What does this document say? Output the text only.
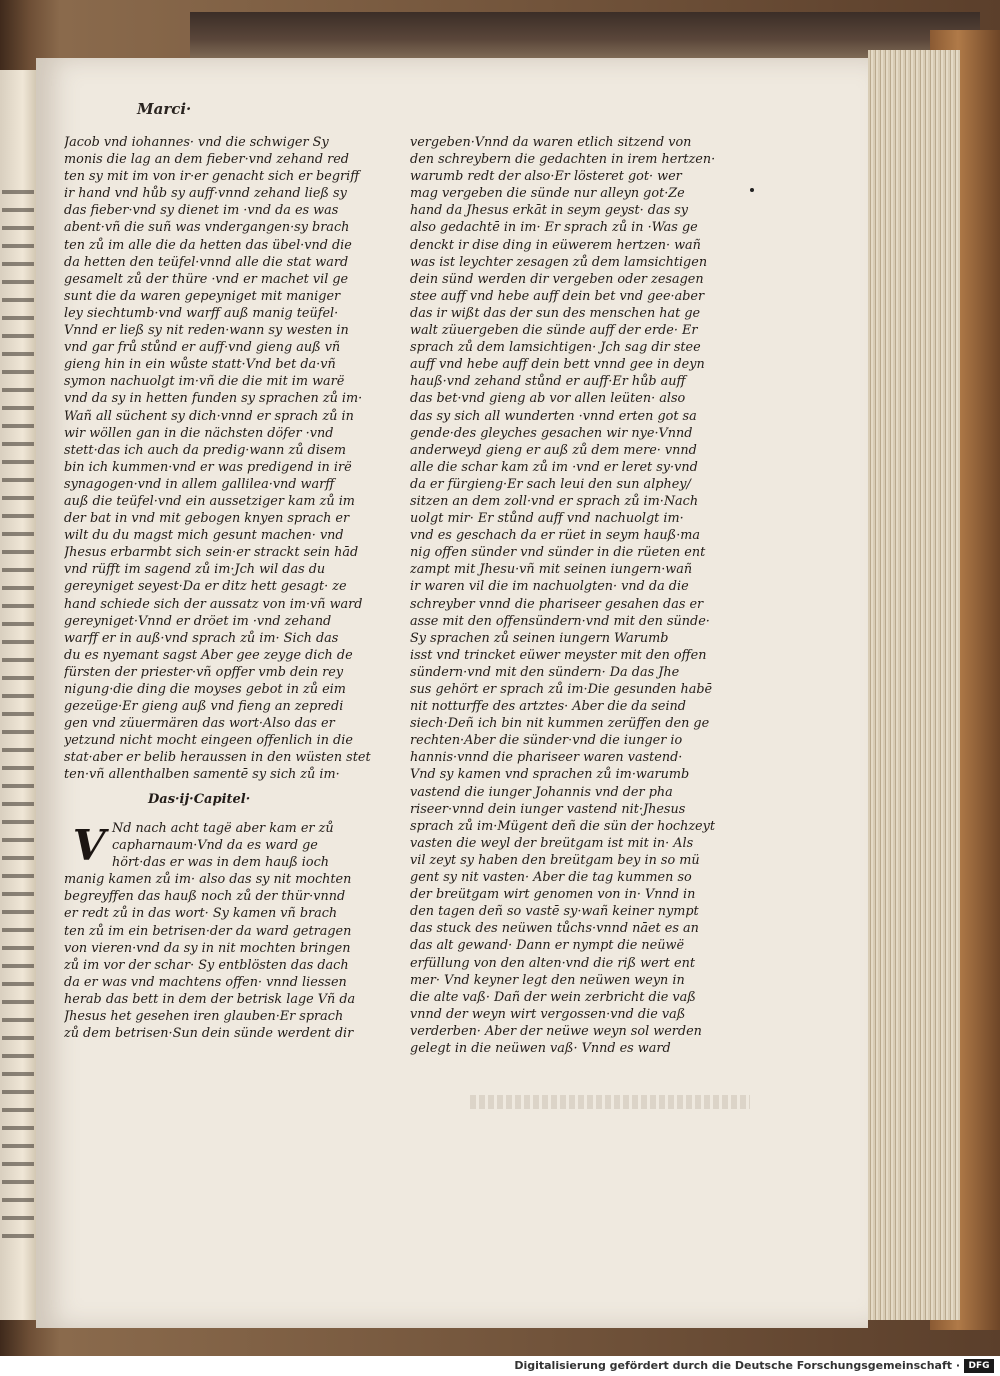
Marci·
Jacob vnd iohannes· vnd die schwiger Sy
monis die lag an dem fieber·vnd zehand red
ten sy mit im von ir·er genacht sich er begriff
ir hand vnd hůb sy auff·vnnd zehand ließ sy
das fieber·vnd sy dienet im ·vnd da es was
abent·vñ die suñ was vndergangen·sy brach
ten zů im alle die da hetten das übel·vnd die
da hetten den teüfel·vnnd alle die stat ward
gesamelt zů der thüre ·vnd er machet vil ge
sunt die da waren gepeyniget mit maniger
ley siechtumb·vnd warff auß manig teüfel·
Vnnd er ließ sy nit reden·wann sy westen in
vnd gar frů stůnd er auff·vnd gieng auß vñ
gieng hin in ein wůste statt·Vnd bet da·vñ
symon nachuolgt im·vñ die die mit im warë
vnd da sy in hetten funden sy sprachen zů im·
Wañ all süchent sy dich·vnnd er sprach zů in
wir wöllen gan in die nächsten döfer ·vnd
stett·das ich auch da predig·wann zů disem
bin ich kummen·vnd er was predigend in irë
synagogen·vnd in allem gallilea·vnd warff
auß die teüfel·vnd ein aussetziger kam zů im
der bat in vnd mit gebogen knyen sprach er
wilt du du magst mich gesunt machen· vnd
Jhesus erbarmbt sich sein·er strackt sein hād
vnd rüfft im sagend zů im·Jch wil das du
gereyniget seyest·Da er ditz hett gesagt· ze
hand schiede sich der aussatz von im·vñ ward
gereyniget·Vnnd er dröet im ·vnd zehand
warff er in auß·vnd sprach zů im· Sich das
du es nyemant sagst Aber gee zeyge dich de
fürsten der priester·vñ opffer vmb dein rey
nigung·die ding die moyses gebot in zů eim
gezeüge·Er gieng auß vnd fieng an zepredi
gen vnd züuermären das wort·Also das er
yetzund nicht mocht eingeen offenlich in die
stat·aber er belib heraussen in den wüsten stet
ten·vñ allenthalben samentē sy sich zů im·
Das·ij·Capitel·
Nd nach acht tagë aber kam er zů
capharnaum·Vnd da es ward ge
hört·das er was in dem hauß ioch
manig kamen zů im· also das sy nit mochten
begreyffen das hauß noch zů der thür·vnnd
er redt zů in das wort· Sy kamen vñ brach
ten zů im ein betrisen·der da ward getragen
von vieren·vnd da sy in nit mochten bringen
zů im vor der schar· Sy entblösten das dach
da er was vnd machtens offen· vnnd liessen
herab das bett in dem der betrisk lage Vñ da
Jhesus het gesehen iren glauben·Er sprach
zů dem betrisen·Sun dein sünde werdent dir
V
vergeben·Vnnd da waren etlich sitzend von
den schreybern die gedachten in irem hertzen·
warumb redt der also·Er lösteret got· wer
mag vergeben die sünde nur alleyn got·Ze
hand da Jhesus erkāt in seym geyst· das sy
also gedachtē in im· Er sprach zů in ·Was ge
denckt ir dise ding in eüwerem hertzen· wañ
was ist leychter zesagen zů dem lamsichtigen
dein sünd werden dir vergeben oder zesagen
stee auff vnd hebe auff dein bet vnd gee·aber
das ir wißt das der sun des menschen hat ge
walt züuergeben die sünde auff der erde· Er
sprach zů dem lamsichtigen· Jch sag dir stee
auff vnd hebe auff dein bett vnnd gee in deyn
hauß·vnd zehand stůnd er auff·Er hůb auff
das bet·vnd gieng ab vor allen leüten· also
das sy sich all wunderten ·vnnd erten got sa
gende·des gleyches gesachen wir nye·Vnnd
anderweyd gieng er auß zů dem mere· vnnd
alle die schar kam zů im ·vnd er leret sy·vnd
da er fürgieng·Er sach leui den sun alphey/
sitzen an dem zoll·vnd er sprach zů im·Nach
uolgt mir· Er stůnd auff vnd nachuolgt im·
vnd es geschach da er rüet in seym hauß·ma
nig offen sünder vnd sünder in die rüeten ent
zampt mit Jhesu·vñ mit seinen iungern·wañ
ir waren vil die im nachuolgten· vnd da die
schreyber vnnd die phariseer gesahen das er
asse mit den offensündern·vnd mit den sünde·
Sy sprachen zů seinen iungern Warumb
isst vnd trincket eüwer meyster mit den offen
sündern·vnd mit den sündern· Da das Jhe
sus gehört er sprach zů im·Die gesunden habē
nit notturffe des artztes· Aber die da seind
siech·Deñ ich bin nit kummen zerüffen den ge
rechten·Aber die sünder·vnd die iunger io
hannis·vnnd die phariseer waren vastend·
Vnd sy kamen vnd sprachen zů im·warumb
vastend die iunger Johannis vnd der pha
riseer·vnnd dein iunger vastend nit·Jhesus
sprach zů im·Mügent deñ die sün der hochzeyt
vasten die weyl der breütgam ist mit in· Als
vil zeyt sy haben den breütgam bey in so mü
gent sy nit vasten· Aber die tag kummen so
der breütgam wirt genomen von in· Vnnd in
den tagen deñ so vastē sy·wañ keiner nympt
das stuck des neüwen tůchs·vnnd nāet es an
das alt gewand· Dann er nympt die neüwë
erfüllung von den alten·vnd die riß wert ent
mer· Vnd keyner legt den neüwen weyn in
die alte vaß· Dañ der wein zerbricht die vaß
vnnd der weyn wirt vergossen·vnd die vaß
verderben· Aber der neüwe weyn sol werden
gelegt in die neüwen vaß· Vnnd es ward
Digitalisierung gefördert durch die Deutsche Forschungsgemeinschaft · DFG
